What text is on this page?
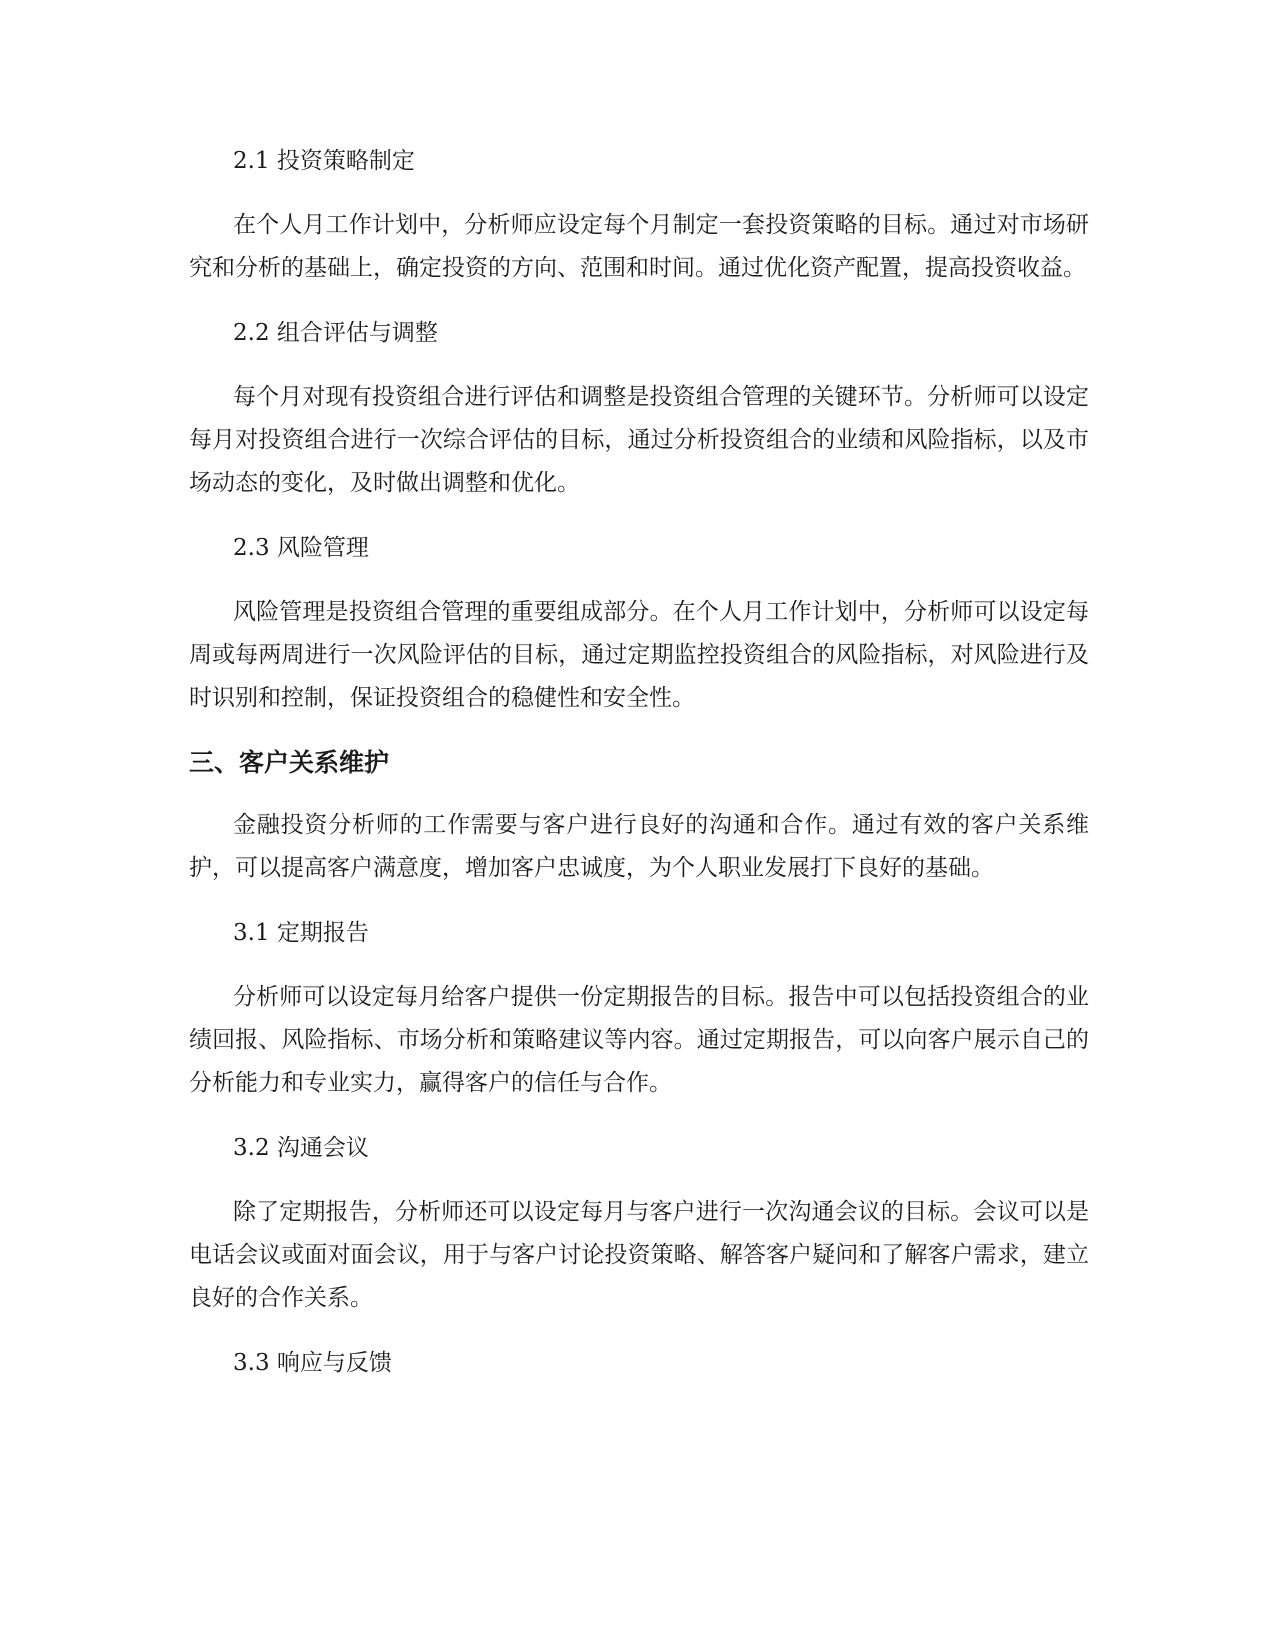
2.1 投资策略制定

在个人月工作计划中，分析师应设定每个月制定一套投资策略的目标。通过对市场研究和分析的基础上，确定投资的方向、范围和时间。通过优化资产配置，提高投资收益。

2.2 组合评估与调整

每个月对现有投资组合进行评估和调整是投资组合管理的关键环节。分析师可以设定每月对投资组合进行一次综合评估的目标，通过分析投资组合的业绩和风险指标，以及市场动态的变化，及时做出调整和优化。

2.3 风险管理

风险管理是投资组合管理的重要组成部分。在个人月工作计划中，分析师可以设定每周或每两周进行一次风险评估的目标，通过定期监控投资组合的风险指标，对风险进行及时识别和控制，保证投资组合的稳健性和安全性。

三、客户关系维护

金融投资分析师的工作需要与客户进行良好的沟通和合作。通过有效的客户关系维护，可以提高客户满意度，增加客户忠诚度，为个人职业发展打下良好的基础。

3.1 定期报告

分析师可以设定每月给客户提供一份定期报告的目标。报告中可以包括投资组合的业绩回报、风险指标、市场分析和策略建议等内容。通过定期报告，可以向客户展示自己的分析能力和专业实力，赢得客户的信任与合作。

3.2 沟通会议

除了定期报告，分析师还可以设定每月与客户进行一次沟通会议的目标。会议可以是电话会议或面对面会议，用于与客户讨论投资策略、解答客户疑问和了解客户需求，建立良好的合作关系。

3.3 响应与反馈
